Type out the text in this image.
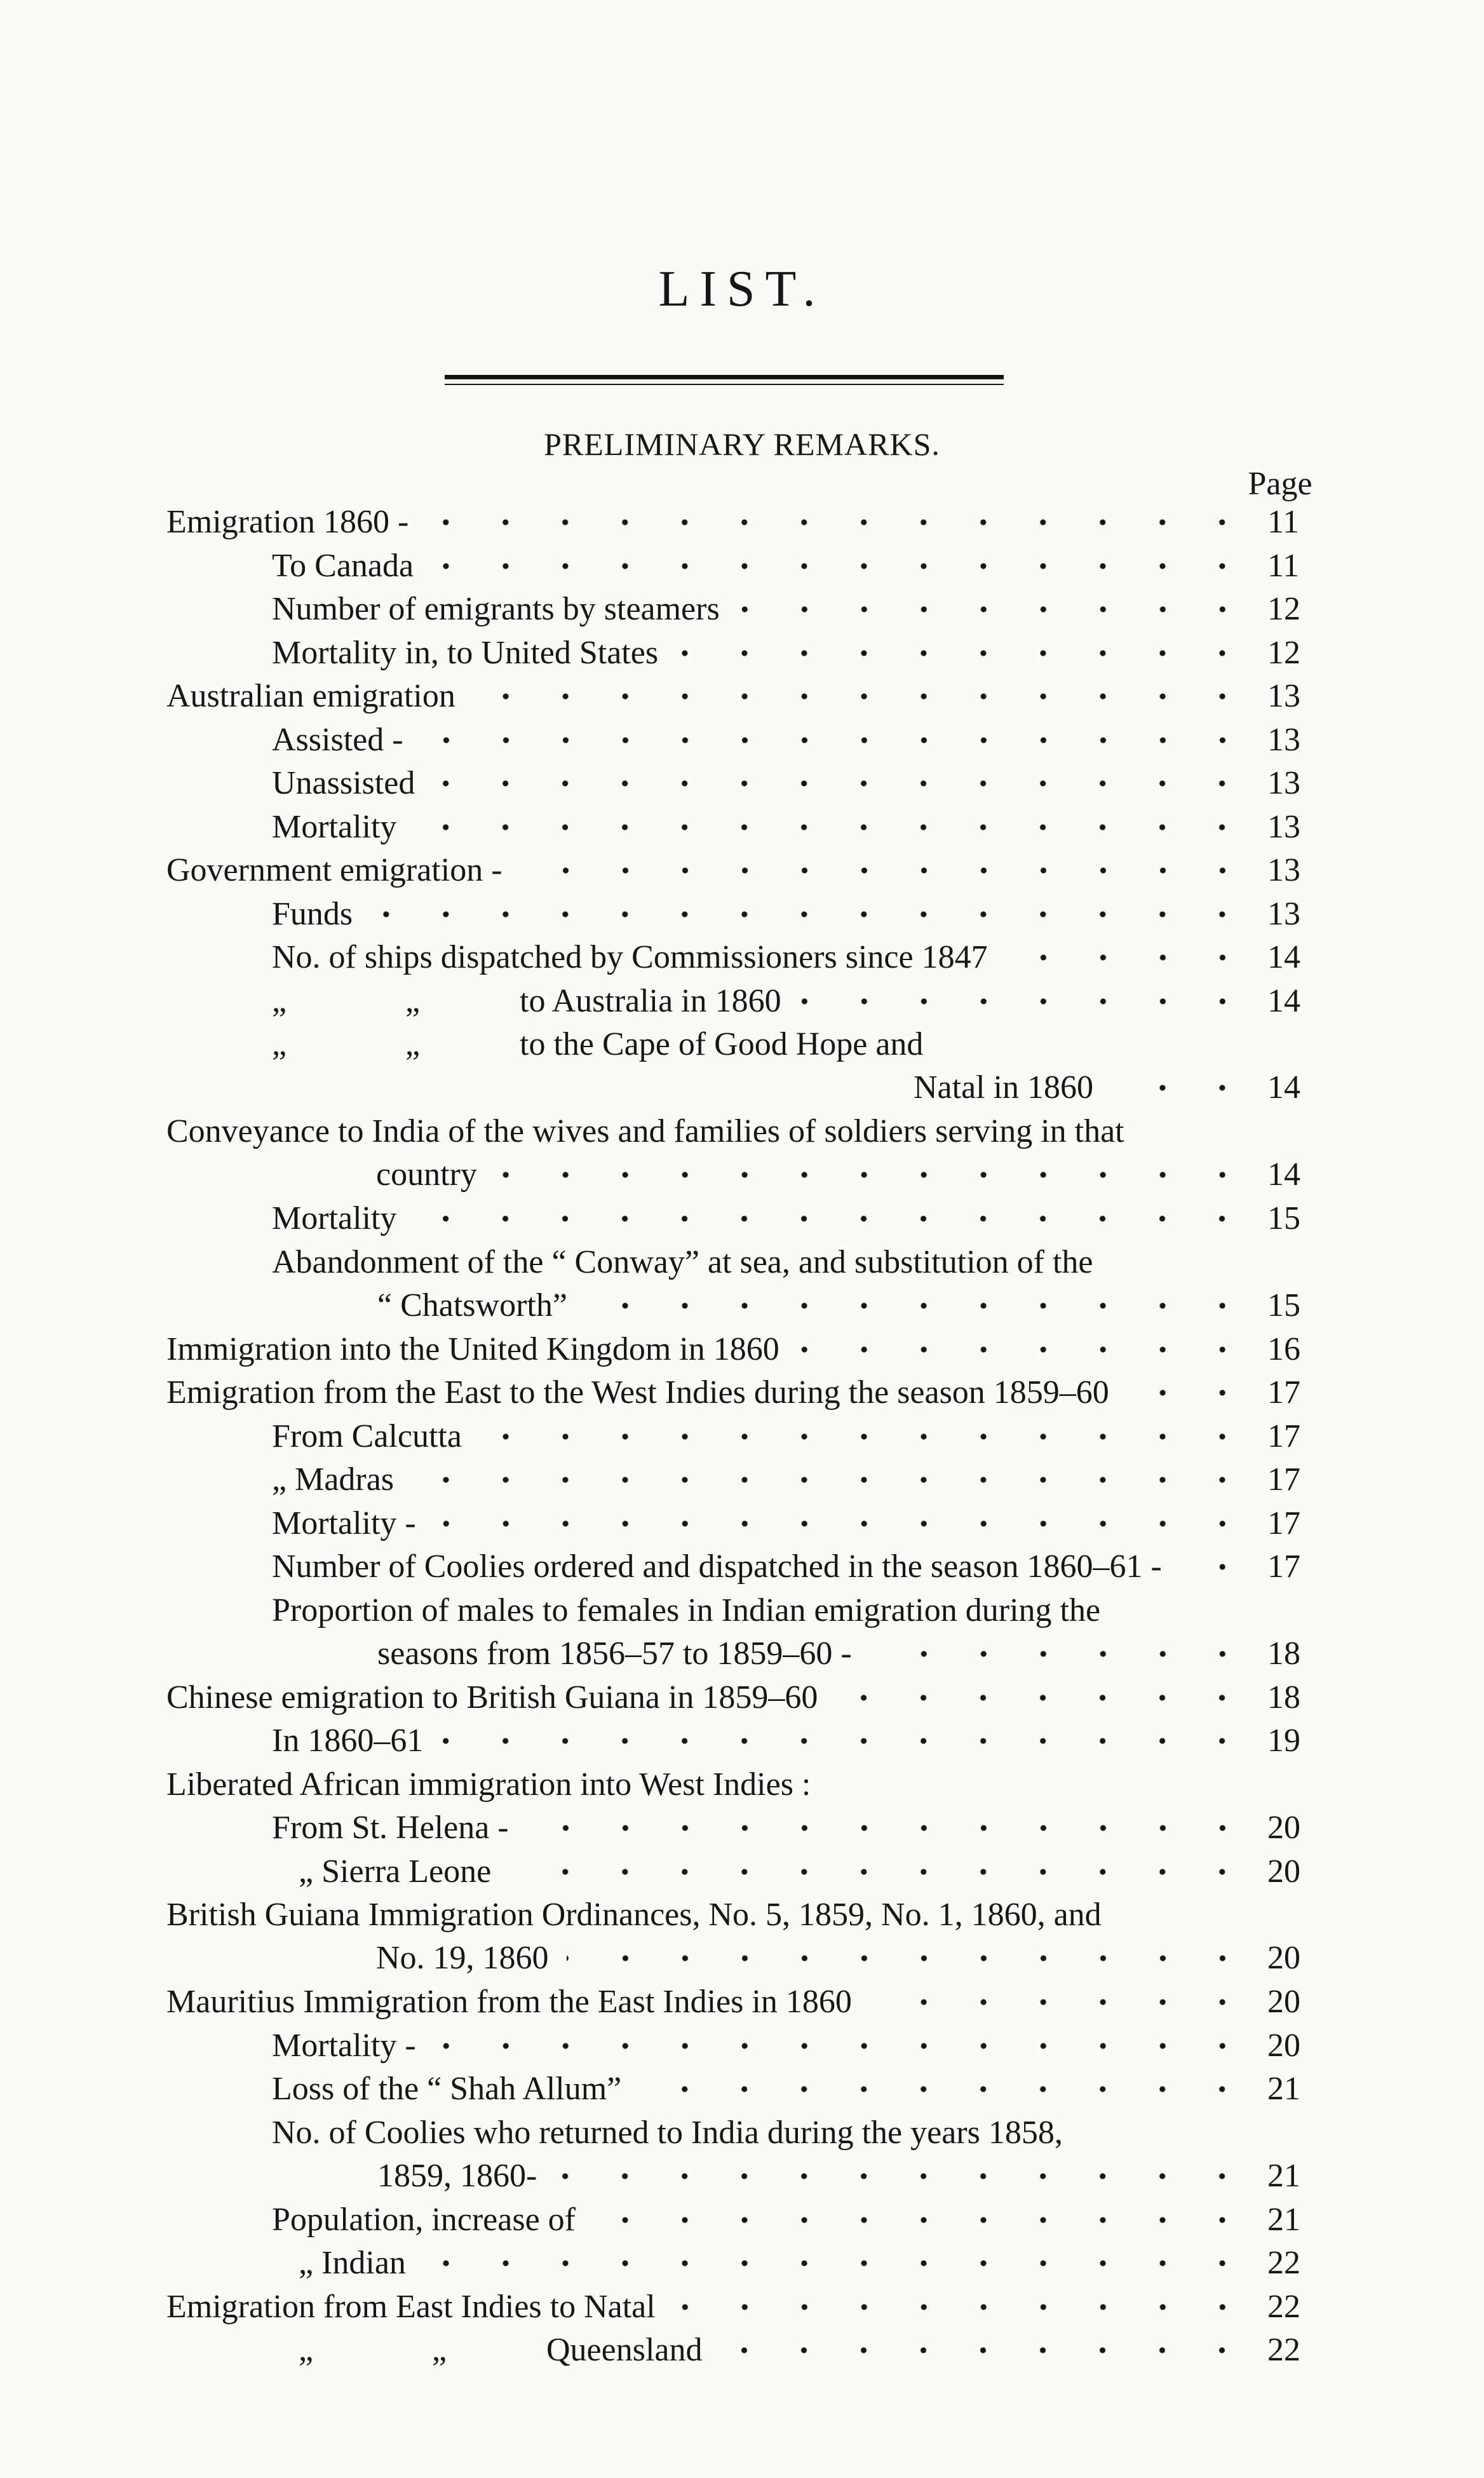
LIST.
PRELIMINARY REMARKS.
Page
Emigration 1860 -	11
To Canada	11
Number of emigrants by steamers	12
Mortality in, to United States	12
Australian emigration	13
Assisted -	13
Unassisted	13
Mortality	13
Government emigration -	13
Funds	13
No. of ships dispatched by Commissioners since 1847	14
„	„	to Australia in 1860	14
„	„	to the Cape of Good Hope and
Natal in 1860	14
Conveyance to India of the wives and families of soldiers serving in that
country	14
Mortality	15
Abandonment of the “ Conway” at sea, and substitution of the
“ Chatsworth”	15
Immigration into the United Kingdom in 1860	16
Emigration from the East to the West Indies during the season 1859–60	17
From Calcutta	17
„ Madras	17
Mortality -	17
Number of Coolies ordered and dispatched in the season 1860–61 -	17
Proportion of males to females in Indian emigration during the
seasons from 1856–57 to 1859–60 -	18
Chinese emigration to British Guiana in 1859–60	18
In 1860–61	19
Liberated African immigration into West Indies :
From St. Helena -	20
„ Sierra Leone	20
British Guiana Immigration Ordinances, No. 5, 1859, No. 1, 1860, and
No. 19, 1860	20
Mauritius Immigration from the East Indies in 1860	20
Mortality -	20
Loss of the “ Shah Allum”	21
No. of Coolies who returned to India during the years 1858,
1859, 1860-	21
Population, increase of	21
„ Indian	22
Emigration from East Indies to Natal	22
„	„	Queensland	22
